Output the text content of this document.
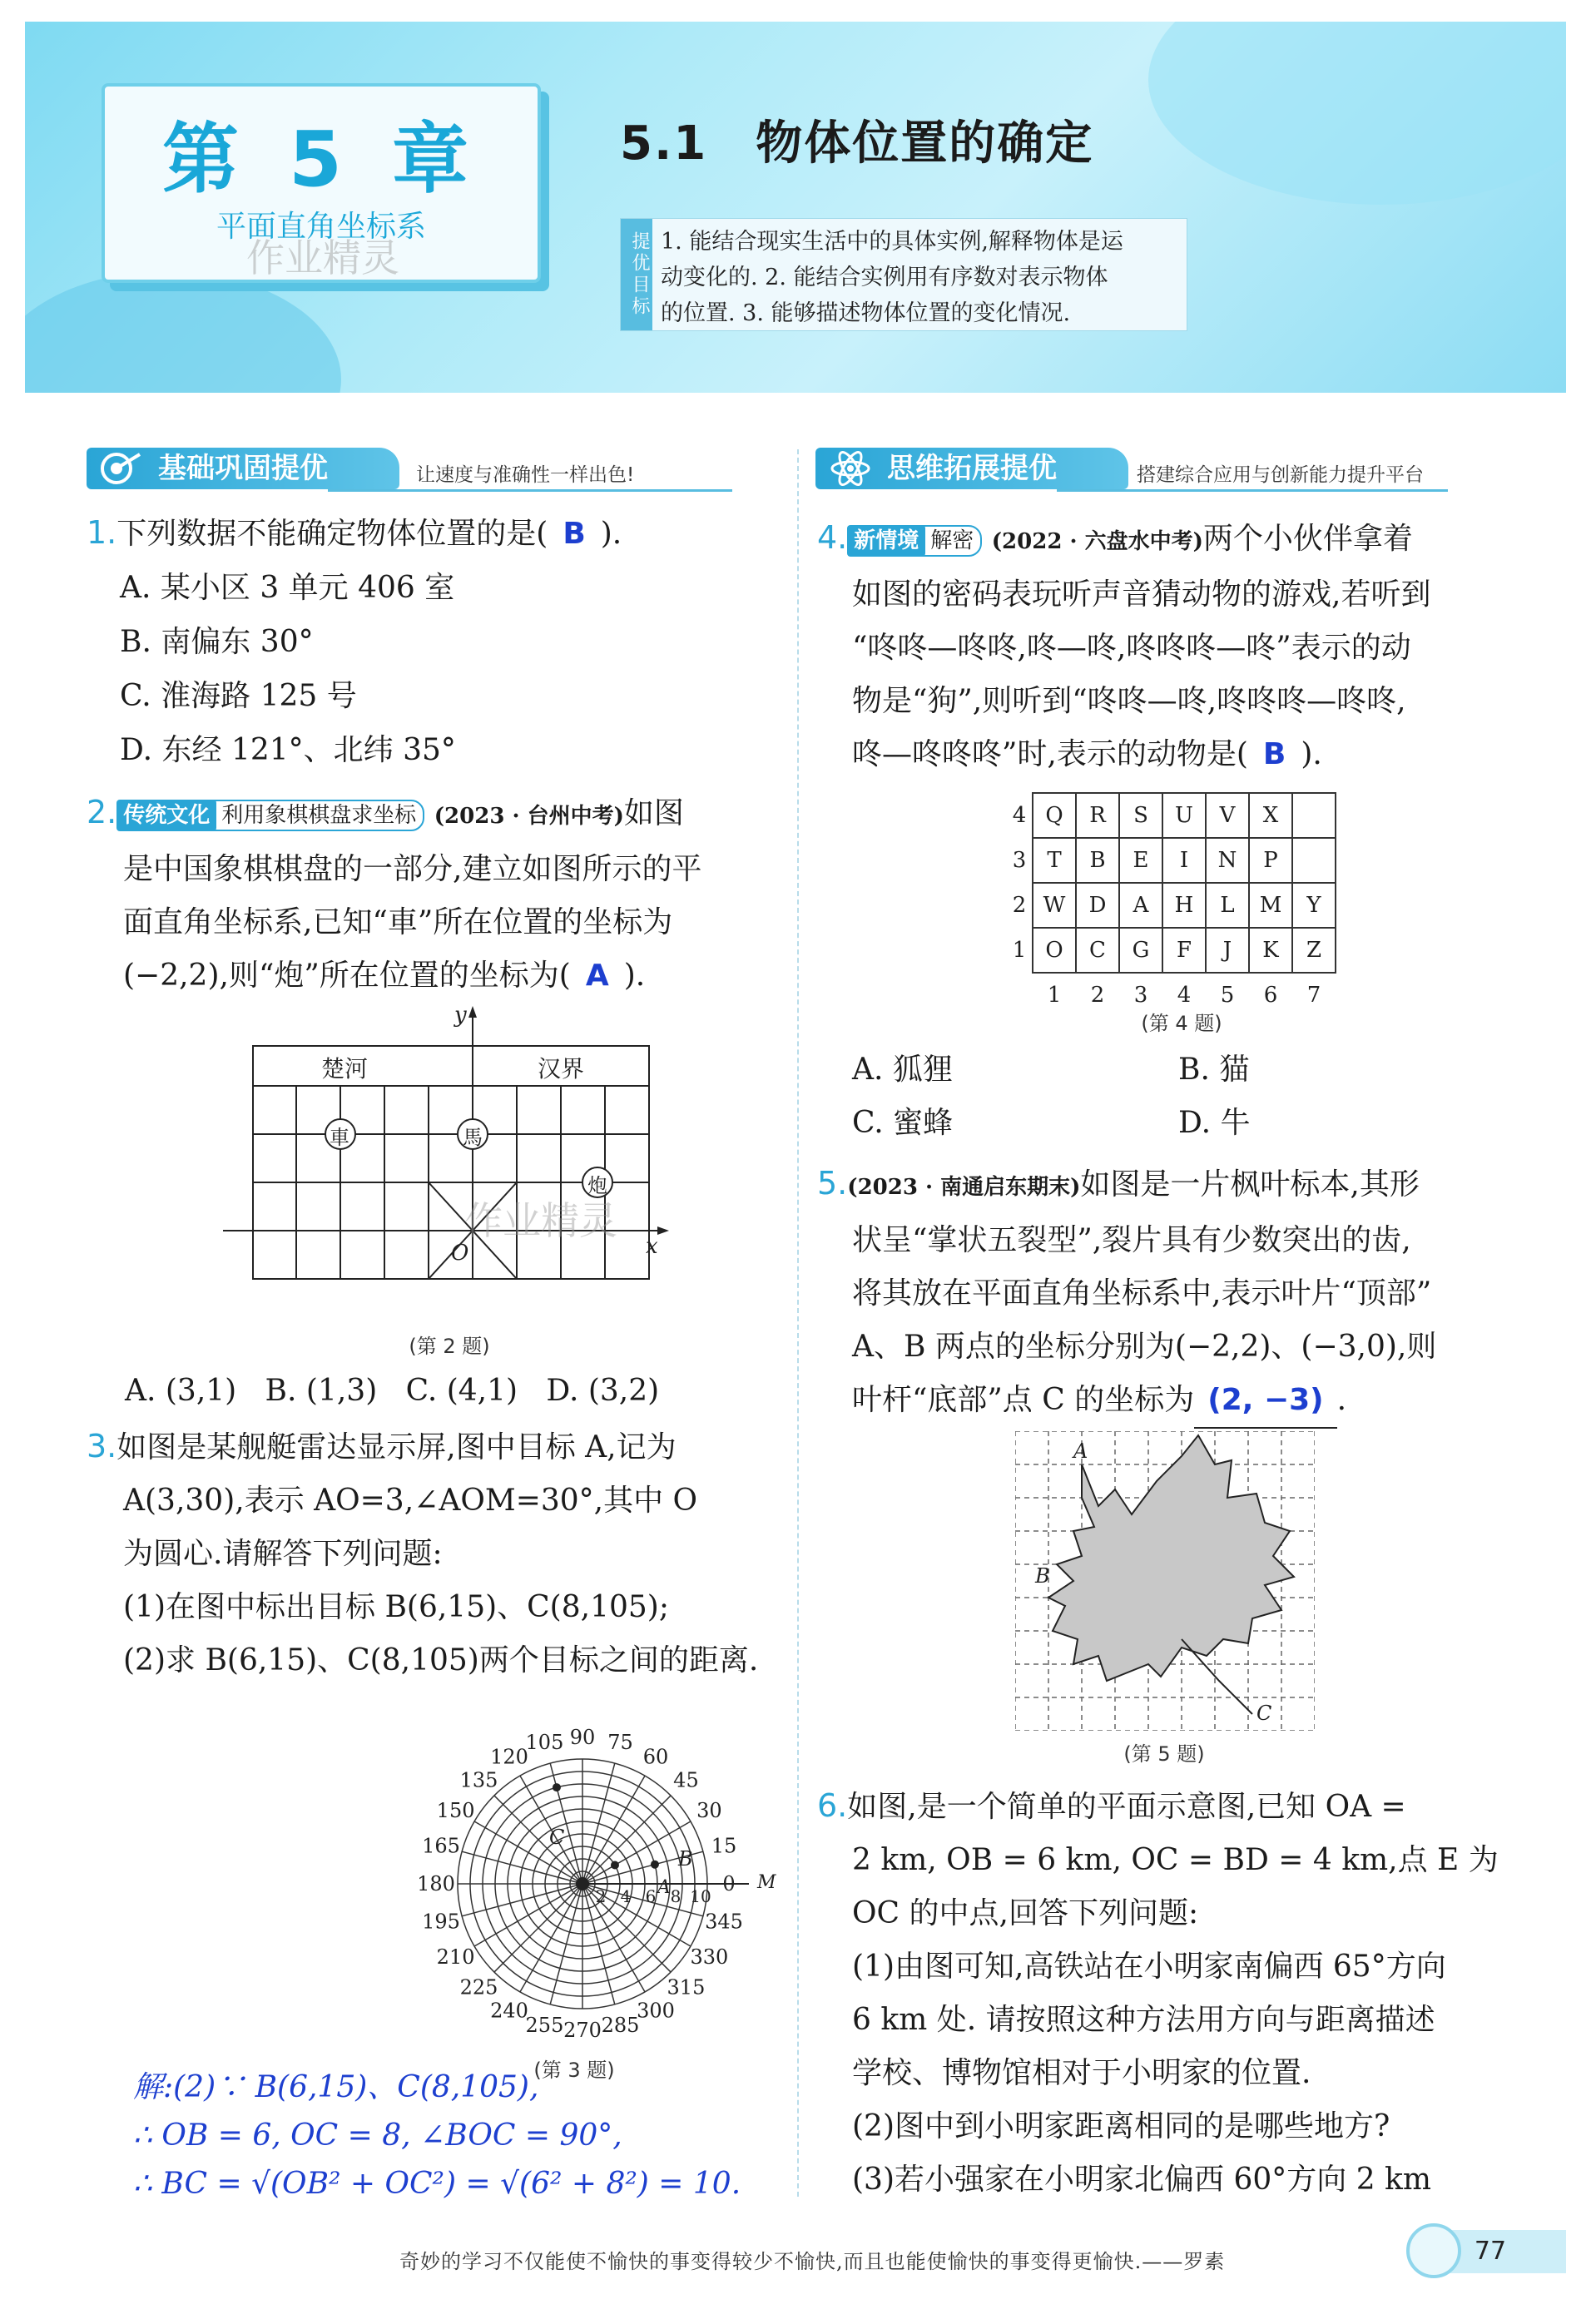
第 5 章
平面直角坐标系
作业精灵
5.1　物体位置的确定
提优目标 1. 能结合现实生活中的具体实例,解释物体是运
动变化的. 2. 能结合实例用有序数对表示物体
的位置. 3. 能够描述物体位置的变化情况.
基础巩固提优	让速度与准确性一样出色!	思维拓展提优	搭建综合应用与创新能力提升平台
1.下列数据不能确定物体位置的是( B ).
A. 某小区 3 单元 406 室
B. 南偏东 30°
C. 淮海路 125 号
D. 东经 121°、北纬 35°
2. 传统文化 利用象棋棋盘求坐标 (2023 · 台州中考)如图
是中国象棋棋盘的一部分,建立如图所示的平
面直角坐标系,已知“車”所在位置的坐标为
(−2,2),则“炮”所在位置的坐标为( A ).
楚河	汉界
車	馬
炮
x
y
O
作业精灵
(第 2 题)
A. (3,1)   B. (1,3)   C. (4,1)   D. (3,2)
3.如图是某舰艇雷达显示屏,图中目标 A,记为
A(3,30),表示 AO=3,∠AOM=30°,其中 O
为圆心.请解答下列问题:
(1)在图中标出目标 B(6,15)、C(8,105);
(2)求 B(6,15)、C(8,105)两个目标之间的距离.
90
105 75
120	60
135	45
150	30
165	15
180	0
195	345
210	330
225	315
240	300
255 285
270
2 4 6 8 10
C
B
A	M
(第 3 题)
解:(2)∵ B(6,15)、C(8,105),
∴ OB = 6, OC = 8, ∠BOC = 90°,
∴ BC = √(OB² + OC²) = √(6² + 8²) = 10.
4. 新情境 解密 (2022 · 六盘水中考)两个小伙伴拿着
如图的密码表玩听声音猜动物的游戏,若听到
“咚咚—咚咚,咚—咚,咚咚咚—咚”表示的动
物是“狗”,则听到“咚咚—咚,咚咚咚—咚咚,
咚—咚咚咚”时,表示的动物是( B ).
4	Q	R	S	U	V	X	
3	T	B	E	I	N	P	
2	W	D	A	H	L	M	Y
1	O	C	G	F	J	K	Z
	1	2	3	4	5	6	7
(第 4 题)
A. 狐狸	B. 猫
C. 蜜蜂	D. 牛
5.(2023 · 南通启东期末)如图是一片枫叶标本,其形
状呈“掌状五裂型”,裂片具有少数突出的齿,
将其放在平面直角坐标系中,表示叶片“顶部”
A、B 两点的坐标分别为(−2,2)、(−3,0),则
叶杆“底部”点 C 的坐标为 (2, −3) .
A
B
C
(第 5 题)
6.如图,是一个简单的平面示意图,已知 OA =
2 km, OB = 6 km, OC = BD = 4 km,点 E 为
OC 的中点,回答下列问题:
(1)由图可知,高铁站在小明家南偏西 65°方向
6 km 处. 请按照这种方法用方向与距离描述
学校、博物馆相对于小明家的位置.
(2)图中到小明家距离相同的是哪些地方?
(3)若小强家在小明家北偏西 60°方向 2 km
奇妙的学习不仅能使不愉快的事变得较少不愉快,而且也能使愉快的事变得更愉快.——罗素	77
